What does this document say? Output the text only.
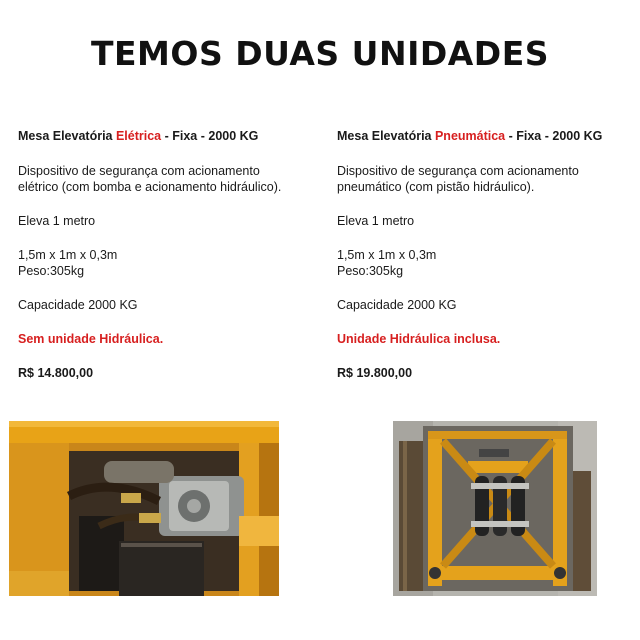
TEMOS DUAS UNIDADES

Mesa Elevatória Elétrica - Fixa - 2000 KG

Dispositivo de segurança com acionamento

elétrico (com bomba e acionamento hidráulico).

Eleva 1 metro

1,5m x 1m x 0,3m

Peso:305kg

Capacidade 2000 KG

Sem unidade Hidráulica.

R$ 14.800,00

Mesa Elevatória Pneumática - Fixa - 2000 KG

Dispositivo de segurança com acionamento

pneumático (com pistão hidráulico).

Eleva 1 metro

1,5m x 1m x 0,3m

Peso:305kg

Capacidade 2000 KG

Unidade Hidráulica inclusa.

R$ 19.800,00
